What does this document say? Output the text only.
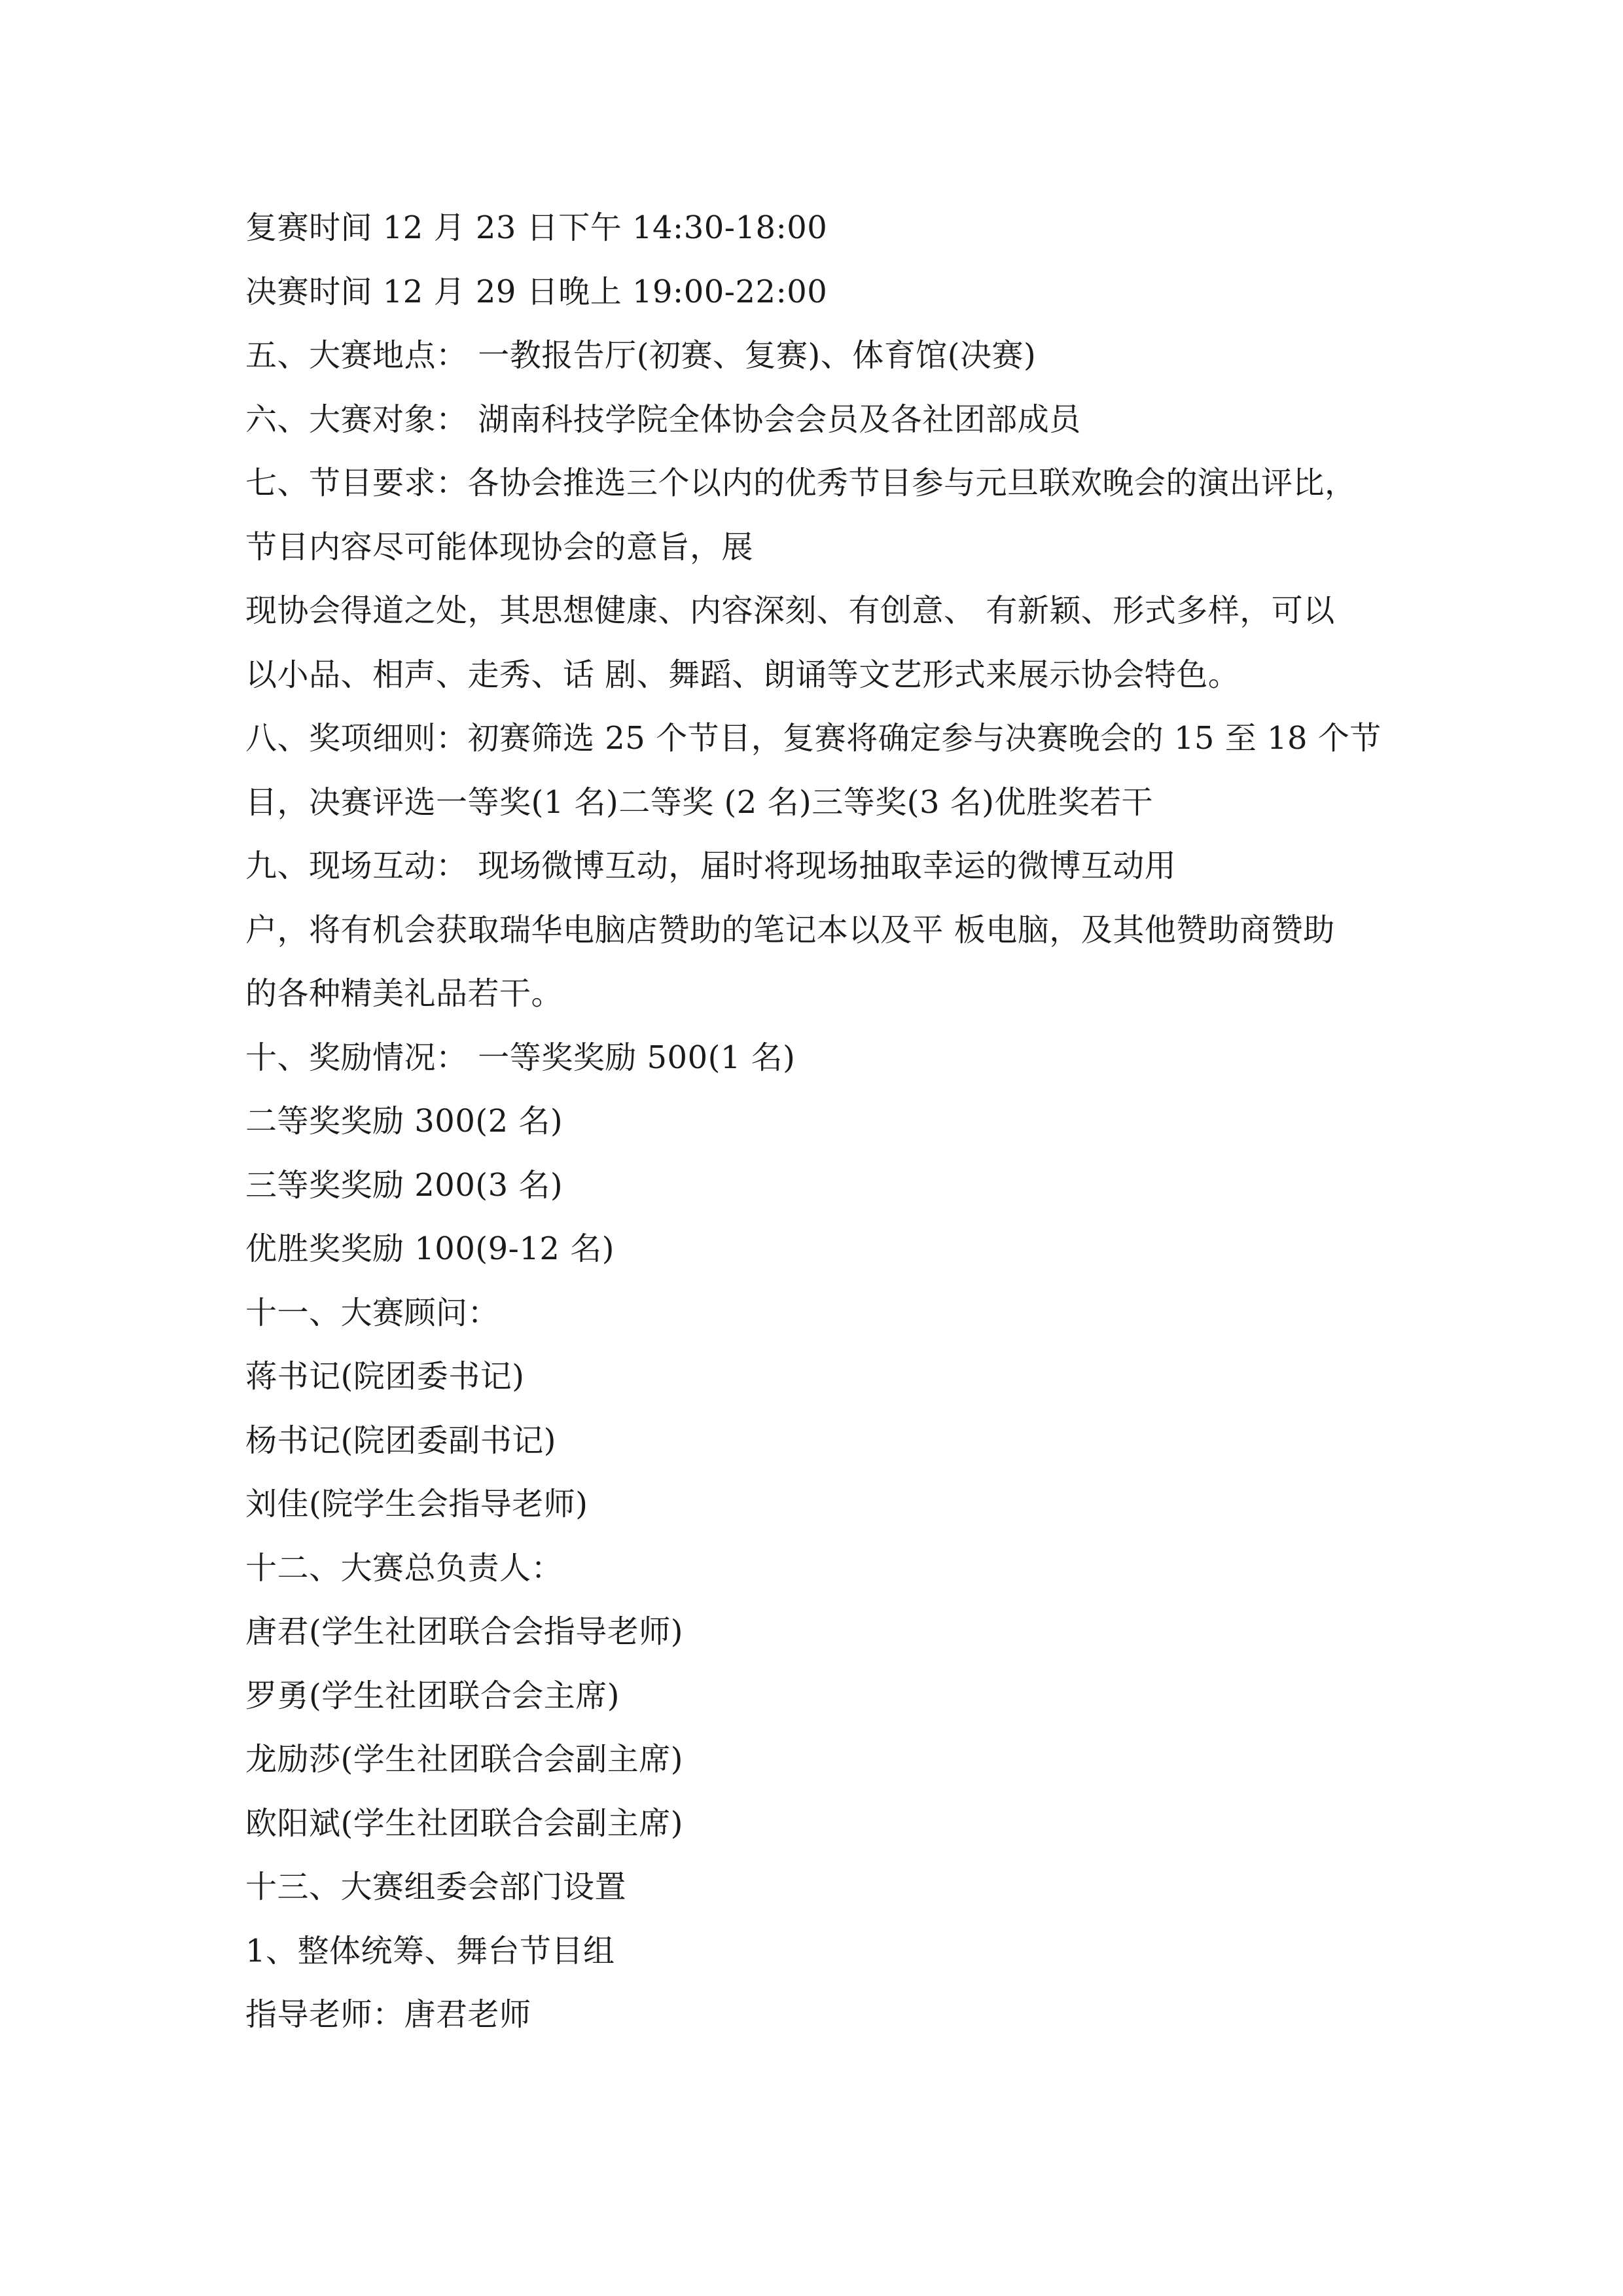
复赛时间 12 月 23 日下午 14:30-18:00
决赛时间 12 月 29 日晚上 19:00-22:00
五、大赛地点： 一教报告厅(初赛、复赛)、体育馆(决赛)
六、大赛对象： 湖南科技学院全体协会会员及各社团部成员
七、节目要求：各协会推选三个以内的优秀节目参与元旦联欢晚会的演出评比，
节目内容尽可能体现协会的意旨，展
现协会得道之处，其思想健康、内容深刻、有创意、 有新颖、形式多样，可以
以小品、相声、走秀、话 剧、舞蹈、朗诵等文艺形式来展示协会特色。
八、奖项细则：初赛筛选 25 个节目，复赛将确定参与决赛晚会的 15 至 18 个节
目，决赛评选一等奖(1 名)二等奖 (2 名)三等奖(3 名)优胜奖若干
九、现场互动： 现场微博互动，届时将现场抽取幸运的微博互动用
户，将有机会获取瑞华电脑店赞助的笔记本以及平 板电脑，及其他赞助商赞助
的各种精美礼品若干。
十、奖励情况： 一等奖奖励 500(1 名)
二等奖奖励 300(2 名)
三等奖奖励 200(3 名)
优胜奖奖励 100(9-12 名)
十一、大赛顾问：
蒋书记(院团委书记)
杨书记(院团委副书记)
刘佳(院学生会指导老师)
十二、大赛总负责人：
唐君(学生社团联合会指导老师)
罗勇(学生社团联合会主席)
龙励莎(学生社团联合会副主席)
欧阳斌(学生社团联合会副主席)
十三、大赛组委会部门设置
1、整体统筹、舞台节目组
指导老师：唐君老师
